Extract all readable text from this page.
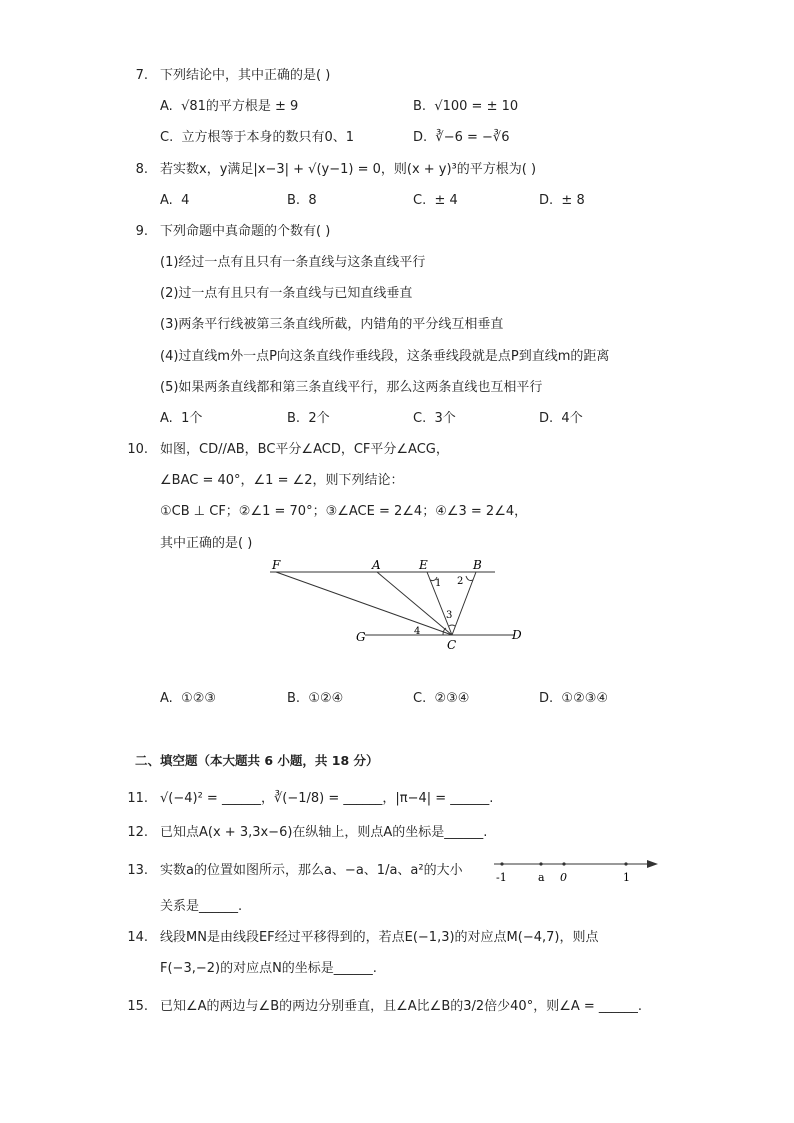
7. 下列结论中，其中正确的是( )
A. √81的平方根是 ± 9	B. √100 = ± 10
C. 立方根等于本身的数只有0、1	D. ∛−6 = −∛6
8. 若实数x，y满足|x−3| + √(y−1) = 0，则(x + y)³的平方根为( )
A. 4	B. 8	C. ± 4	D. ± 8
9. 下列命题中真命题的个数有( )
(1)经过一点有且只有一条直线与这条直线平行
(2)过一点有且只有一条直线与已知直线垂直
(3)两条平行线被第三条直线所截，内错角的平分线互相垂直
(4)过直线m外一点P向这条直线作垂线段，这条垂线段就是点P到直线m的距离
(5)如果两条直线都和第三条直线平行，那么这两条直线也互相平行
A. 1个	B. 2个	C. 3个	D. 4个
10. 如图，CD//AB，BC平分∠ACD，CF平分∠ACG，
∠BAC = 40°，∠1 = ∠2，则下列结论：
①CB ⊥ CF；②∠1 = 70°；③∠ACE = 2∠4；④∠3 = 2∠4，
其中正确的是( )
F	A	E	B
G
C
D
1 2
3
4
A. ①②③	B. ①②④	C. ②③④	D. ①②③④
二、填空题（本大题共 6 小题，共 18 分）
11. √(−4)² = ______，∛(−1/8) = ______，|π−4| = ______.
12. 已知点A(x + 3,3x−6)在纵轴上，则点A的坐标是______.
13. 实数a的位置如图所示，那么a、−a、1/a、a²的大小
关系是______.
-1	a 0	1
14. 线段MN是由线段EF经过平移得到的，若点E(−1,3)的对应点M(−4,7)，则点
F(−3,−2)的对应点N的坐标是______.
15. 已知∠A的两边与∠B的两边分别垂直，且∠A比∠B的3/2倍少40°，则∠A = ______.
